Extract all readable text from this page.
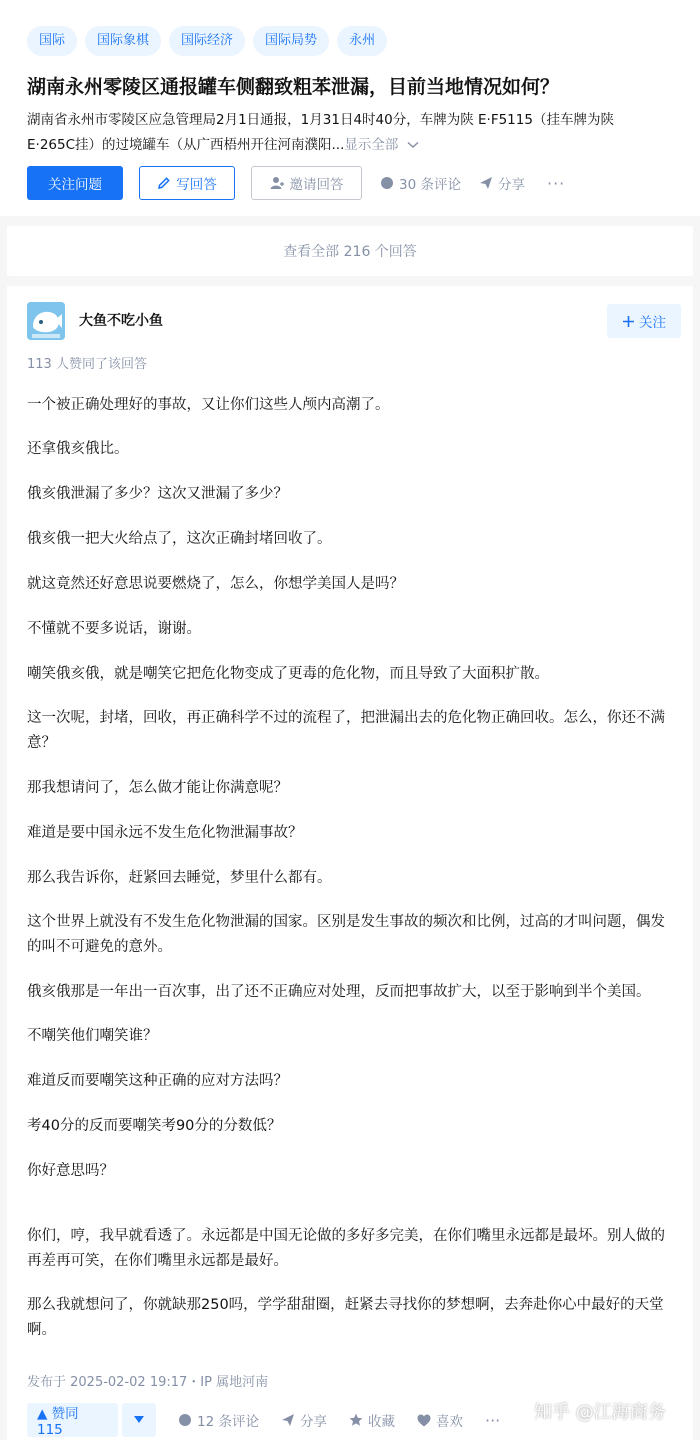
国际	国际象棋	国际经济	国际局势	永州
湖南永州零陵区通报罐车侧翻致粗苯泄漏，目前当地情况如何？
湖南省永州市零陵区应急管理局2月1日通报，1月31日4时40分，车牌为陕 E·F5115（挂车牌为陕
E·265C挂）的过境罐车（从广西梧州开往河南濮阳...显示全部
关注问题	写回答	邀请回答	30 条评论	分享 ···
查看全部 216 个回答
大鱼不吃小鱼	关注
113 人赞同了该回答

一个被正确处理好的事故，又让你们这些人颅内高潮了。

还拿俄亥俄比。

俄亥俄泄漏了多少？这次又泄漏了多少？

俄亥俄一把大火给点了，这次正确封堵回收了。

就这竟然还好意思说要燃烧了，怎么，你想学美国人是吗？

不懂就不要多说话，谢谢。

嘲笑俄亥俄，就是嘲笑它把危化物变成了更毒的危化物，而且导致了大面积扩散。

这一次呢，封堵，回收，再正确科学不过的流程了，把泄漏出去的危化物正确回收。怎么，你还不满意？

那我想请问了，怎么做才能让你满意呢？

难道是要中国永远不发生危化物泄漏事故？

那么我告诉你，赶紧回去睡觉，梦里什么都有。

这个世界上就没有不发生危化物泄漏的国家。区别是发生事故的频次和比例，过高的才叫问题，偶发的叫不可避免的意外。

俄亥俄那是一年出一百次事，出了还不正确应对处理，反而把事故扩大，以至于影响到半个美国。

不嘲笑他们嘲笑谁？

难道反而要嘲笑这种正确的应对方法吗？

考40分的反而要嘲笑考90分的分数低？

你好意思吗？

你们，哼，我早就看透了。永远都是中国无论做的多好多完美，在你们嘴里永远都是最坏。别人做的再差再可笑，在你们嘴里永远都是最好。

那么我就想问了，你就缺那250吗，学学甜甜圈，赶紧去寻找你的梦想啊，去奔赴你心中最好的天堂啊。

发布于 2025-02-02 19:17・IP 属地河南
▲ 赞同 115	12 条评论	分享	收藏	喜欢 ··· 知乎 @江海商务
